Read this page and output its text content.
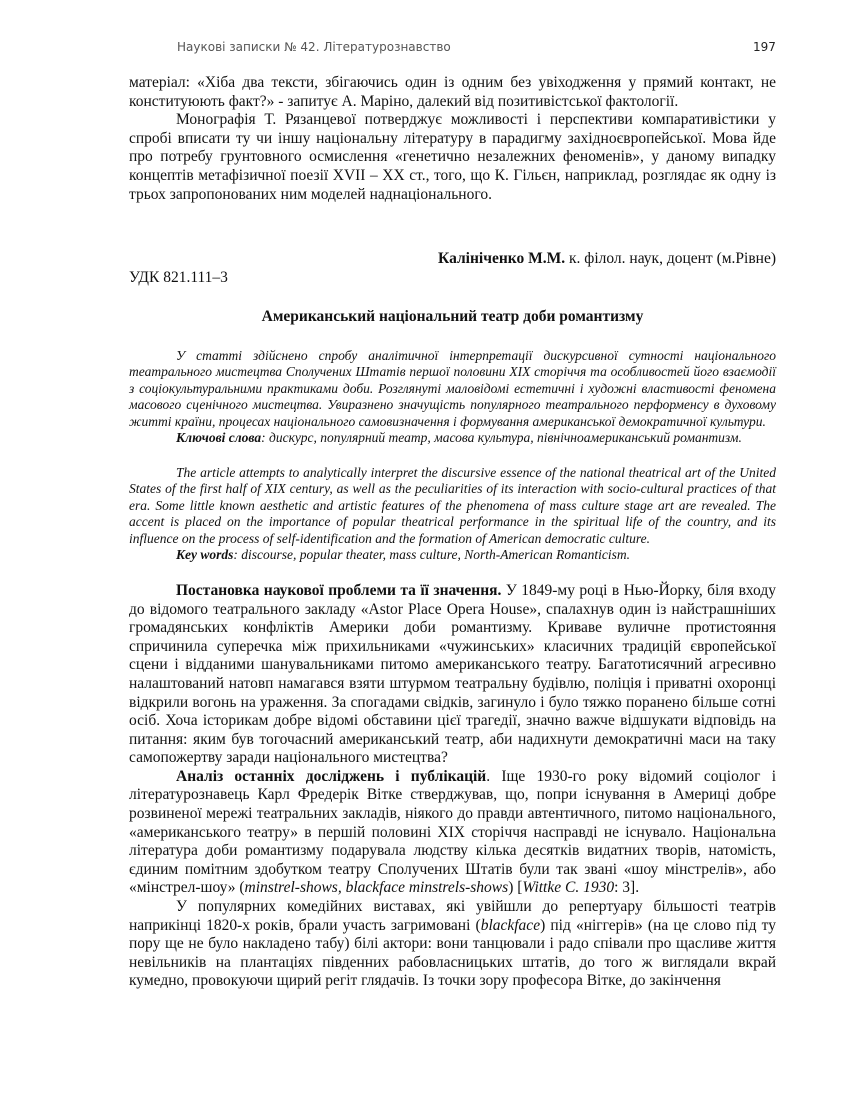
Наукові записки № 42. Літературознавство	197

матеріал: «Хіба два тексти, збігаючись один із одним без увіходження у прямий контакт, не конституюють факт?» - запитує А. Маріно, далекий від позитивістської фактології.

Монографія Т. Рязанцевої потверджує можливості і перспективи компаративістики у спробі вписати ту чи іншу національну літературу в парадигму західноєвропейської. Мова йде про потребу грунтовного осмислення «генетично незалежних феноменів», у даному випадку концептів метафізичної поезії XVII – XX ст., того, що К. Гільєн, наприклад, розглядає як одну із трьох запропонованих ним моделей наднаціонального.

Калініченко М.М. к. філол. наук, доцент (м.Рівне)

УДК 821.111–3

Американський національний театр доби романтизму

У статті здійснено спробу аналітичної інтерпретації дискурсивної сутності національного театрального мистецтва Сполучених Штатів першої половини XIX сторіччя та особливостей його взаємодії з соціокультуральними практиками доби. Розглянуті маловідомі естетичні і художні властивості феномена масового сценічного мистецтва. Увиразнено значущість популярного театрального перформенсу в духовому житті країни, процесах національного самовизначення і формування американської демократичної культури.

Ключові слова: дискурс, популярний театр, масова культура, північноамериканський романтизм.

The article attempts to analytically interpret the discursive essence of the national theatrical art of the United States of the first half of XIX century, as well as the peculiarities of its interaction with socio-cultural practices of that era. Some little known aesthetic and artistic features of the phenomena of mass culture stage art are revealed. The accent is placed on the importance of popular theatrical performance in the spiritual life of the country, and its influence on the process of self-identification and the formation of American democratic culture.

Key words: discourse, popular theater, mass culture, North-American Romanticism.

Постановка наукової проблеми та її значення. У 1849-му році в Нью-Йорку, біля входу до відомого театрального закладу «Astor Place Opera House», спалахнув один із найстрашніших громадянських конфліктів Америки доби романтизму. Криваве вуличне протистояння спричинила суперечка між прихильниками «чужинських» класичних традицій європейської сцени і відданими шанувальниками питомо американського театру. Багатотисячний агресивно налаштований натовп намагався взяти штурмом театральну будівлю, поліція і приватні охоронці відкрили вогонь на ураження. За спогадами свідків, загинуло і було тяжко поранено більше сотні осіб. Хоча історикам добре відомі обставини цієї трагедії, значно важче відшукати відповідь на питання: яким був тогочасний американський театр, аби надихнути демократичні маси на таку самопожертву заради національного мистецтва?

Аналіз останніх досліджень і публікацій. Іще 1930-го року відомий соціолог і літературознавець Карл Фредерік Вітке стверджував, що, попри існування в Америці добре розвиненої мережі театральних закладів, ніякого до правди автентичного, питомо національного, «американського театру» в першій половині XIX сторіччя насправді не існувало. Національна література доби романтизму подарувала людству кілька десятків видатних творів, натомість, єдиним помітним здобутком театру Сполучених Штатів були так звані «шоу мінстрелів», або «мінстрел-шоу» (minstrel-shows, blackface minstrels-shows) [Wittke C. 1930: 3].

У популярних комедійних виставах, які увійшли до репертуару більшості театрів наприкінці 1820-х років, брали участь загримовані (blackface) під «ніггерів» (на це слово під ту пору ще не було накладено табу) білі актори: вони танцювали і радо співали про щасливе життя невільників на плантаціях південних рабовласницьких штатів, до того ж виглядали вкрай кумедно, провокуючи щирий регіт глядачів. Із точки зору професора Вітке, до закінчення
